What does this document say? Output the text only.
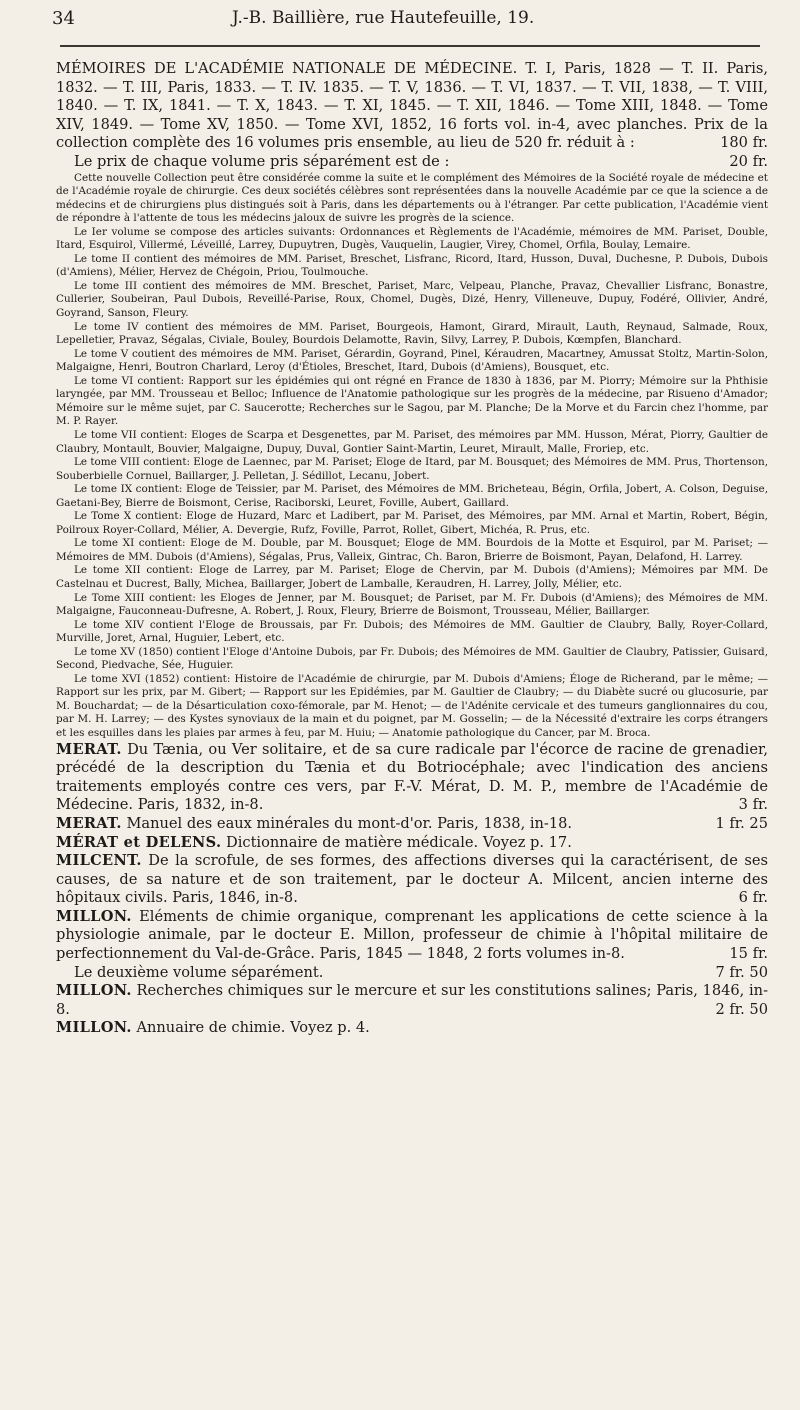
34	J.-B. Baillière, rue Hautefeuille, 19.

MÉMOIRES DE L'ACADÉMIE NATIONALE DE MÉDECINE. T. I, Paris, 1828 — T. II. Paris, 1832. — T. III, Paris, 1833. — T. IV. 1835. — T. V, 1836. — T. VI, 1837. — T. VII, 1838, — T. VIII, 1840. — T. IX, 1841. — T. X, 1843. — T. XI, 1845. — T. XII, 1846. — Tome XIII, 1848. — Tome XIV, 1849. — Tome XV, 1850. — Tome XVI, 1852, 16 forts vol. in-4, avec planches. Prix de la collection complète des 16 volumes pris ensemble, au lieu de 520 fr. réduit à :	180 fr.

Le prix de chaque volume pris séparément est de :	20 fr.

Cette nouvelle Collection peut être considérée comme la suite et le complément des Mémoires de la Société royale de médecine et de l'Académie royale de chirurgie. Ces deux sociétés célèbres sont représentées dans la nouvelle Académie par ce que la science a de médecins et de chirurgiens plus distingués soit à Paris, dans les départements ou à l'étranger. Par cette publication, l'Académie vient de répondre à l'attente de tous les médecins jaloux de suivre les progrès de la science.

Le Ier volume se compose des articles suivants: Ordonnances et Règlements de l'Académie, mémoires de MM. Pariset, Double, Itard, Esquirol, Villermé, Léveillé, Larrey, Dupuytren, Dugès, Vauquelin, Laugier, Virey, Chomel, Orfila, Boulay, Lemaire.

Le tome II contient des mémoires de MM. Pariset, Breschet, Lisfranc, Ricord, Itard, Husson, Duval, Duchesne, P. Dubois, Dubois (d'Amiens), Mélier, Hervez de Chégoin, Priou, Toulmouche.

Le tome III contient des mémoires de MM. Breschet, Pariset, Marc, Velpeau, Planche, Pravaz, Chevallier Lisfranc, Bonastre, Cullerier, Soubeiran, Paul Dubois, Reveillé-Parise, Roux, Chomel, Dugès, Dizé, Henry, Villeneuve, Dupuy, Fodéré, Ollivier, André, Goyrand, Sanson, Fleury.

Le tome IV contient des mémoires de MM. Pariset, Bourgeois, Hamont, Girard, Mirault, Lauth, Reynaud, Salmade, Roux, Lepelletier, Pravaz, Ségalas, Civiale, Bouley, Bourdois Delamotte, Ravin, Silvy, Larrey, P. Dubois, Kœmpfen, Blanchard.

Le tome V coutient des mémoires de MM. Pariset, Gérardin, Goyrand, Pinel, Kéraudren, Macartney, Amussat Stoltz, Martin-Solon, Malgaigne, Henri, Boutron Charlard, Leroy (d'Étioles, Breschet, Itard, Dubois (d'Amiens), Bousquet, etc.

Le tome VI contient: Rapport sur les épidémies qui ont régné en France de 1830 à 1836, par M. Piorry; Mémoire sur la Phthisie laryngée, par MM. Trousseau et Belloc; Influence de l'Anatomie pathologique sur les progrès de la médecine, par Risueno d'Amador; Mémoire sur le même sujet, par C. Saucerotte; Recherches sur le Sagou, par M. Planche; De la Morve et du Farcin chez l'homme, par M. P. Rayer.

Le tome VII contient: Eloges de Scarpa et Desgenettes, par M. Pariset, des mémoires par MM. Husson, Mérat, Piorry, Gaultier de Claubry, Montault, Bouvier, Malgaigne, Dupuy, Duval, Gontier Saint-Martin, Leuret, Mirault, Malle, Froriep, etc.

Le tome VIII contient: Eloge de Laennec, par M. Pariset; Eloge de Itard, par M. Bousquet; des Mémoires de MM. Prus, Thortenson, Souberbielle Cornuel, Baillarger, J. Pelletan, J. Sédillot, Lecanu, Jobert.

Le tome IX contient: Eloge de Teissier, par M. Pariset, des Mémoires de MM. Bricheteau, Bégin, Orfila, Jobert, A. Colson, Deguise, Gaetani-Bey, Bierre de Boismont, Cerise, Raciborski, Leuret, Foville, Aubert, Gaillard.

Le Tome X contient: Eloge de Huzard, Marc et Ladibert, par M. Pariset, des Mémoires, par MM. Arnal et Martin, Robert, Bégin, Poilroux Royer-Collard, Mélier, A. Devergie, Rufz, Foville, Parrot, Rollet, Gibert, Michéa, R. Prus, etc.

Le tome XI contient: Eloge de M. Double, par M. Bousquet; Eloge de MM. Bourdois de la Motte et Esquirol, par M. Pariset; — Mémoires de MM. Dubois (d'Amiens), Ségalas, Prus, Valleix, Gintrac, Ch. Baron, Brierre de Boismont, Payan, Delafond, H. Larrey.

Le tome XII contient: Eloge de Larrey, par M. Pariset; Eloge de Chervin, par M. Dubois (d'Amiens); Mémoires par MM. De Castelnau et Ducrest, Bally, Michea, Baillarger, Jobert de Lamballe, Keraudren, H. Larrey, Jolly, Mélier, etc.

Le Tome XIII contient: les Eloges de Jenner, par M. Bousquet; de Pariset, par M. Fr. Dubois (d'Amiens); des Mémoires de MM. Malgaigne, Fauconneau-Dufresne, A. Robert, J. Roux, Fleury, Brierre de Boismont, Trousseau, Mélier, Baillarger.

Le tome XIV contient l'Eloge de Broussais, par Fr. Dubois; des Mémoires de MM. Gaultier de Claubry, Bally, Royer-Collard, Murville, Joret, Arnal, Huguier, Lebert, etc.

Le tome XV (1850) contient l'Eloge d'Antoine Dubois, par Fr. Dubois; des Mémoires de MM. Gaultier de Claubry, Patissier, Guisard, Second, Piedvache, Sée, Huguier.

Le tome XVI (1852) contient: Histoire de l'Académie de chirurgie, par M. Dubois d'Amiens; Éloge de Richerand, par le même; — Rapport sur les prix, par M. Gibert; — Rapport sur les Epidémies, par M. Gaultier de Claubry; — du Diabète sucré ou glucosurie, par M. Bouchardat; — de la Désarticulation coxo-fémorale, par M. Henot; — de l'Adénite cervicale et des tumeurs ganglionnaires du cou, par M. H. Larrey; — des Kystes synoviaux de la main et du poignet, par M. Gosselin; — de la Nécessité d'extraire les corps étrangers et les esquilles dans les plaies par armes à feu, par M. Huiu; — Anatomie pathologique du Cancer, par M. Broca.

MERAT. Du Tænia, ou Ver solitaire, et de sa cure radicale par l'écorce de racine de grenadier, précédé de la description du Tænia et du Botriocéphale; avec l'indication des anciens traitements employés contre ces vers, par F.-V. Mérat, D. M. P., membre de l'Académie de Médecine. Paris, 1832, in-8.	3 fr.

MERAT. Manuel des eaux minérales du mont-d'or. Paris, 1838, in-18.	1 fr. 25

MÉRAT et DELENS. Dictionnaire de matière médicale. Voyez p. 17.

MILCENT. De la scrofule, de ses formes, des affections diverses qui la caractérisent, de ses causes, de sa nature et de son traitement, par le docteur A. Milcent, ancien interne des hôpitaux civils. Paris, 1846, in-8.	6 fr.

MILLON. Eléments de chimie organique, comprenant les applications de cette science à la physiologie animale, par le docteur E. Millon, professeur de chimie à l'hôpital militaire de perfectionnement du Val-de-Grâce. Paris, 1845 — 1848, 2 forts volumes in-8.	15 fr.

Le deuxième volume séparément.	7 fr. 50

MILLON. Recherches chimiques sur le mercure et sur les constitutions salines; Paris, 1846, in-8.	2 fr. 50

MILLON. Annuaire de chimie. Voyez p. 4.
